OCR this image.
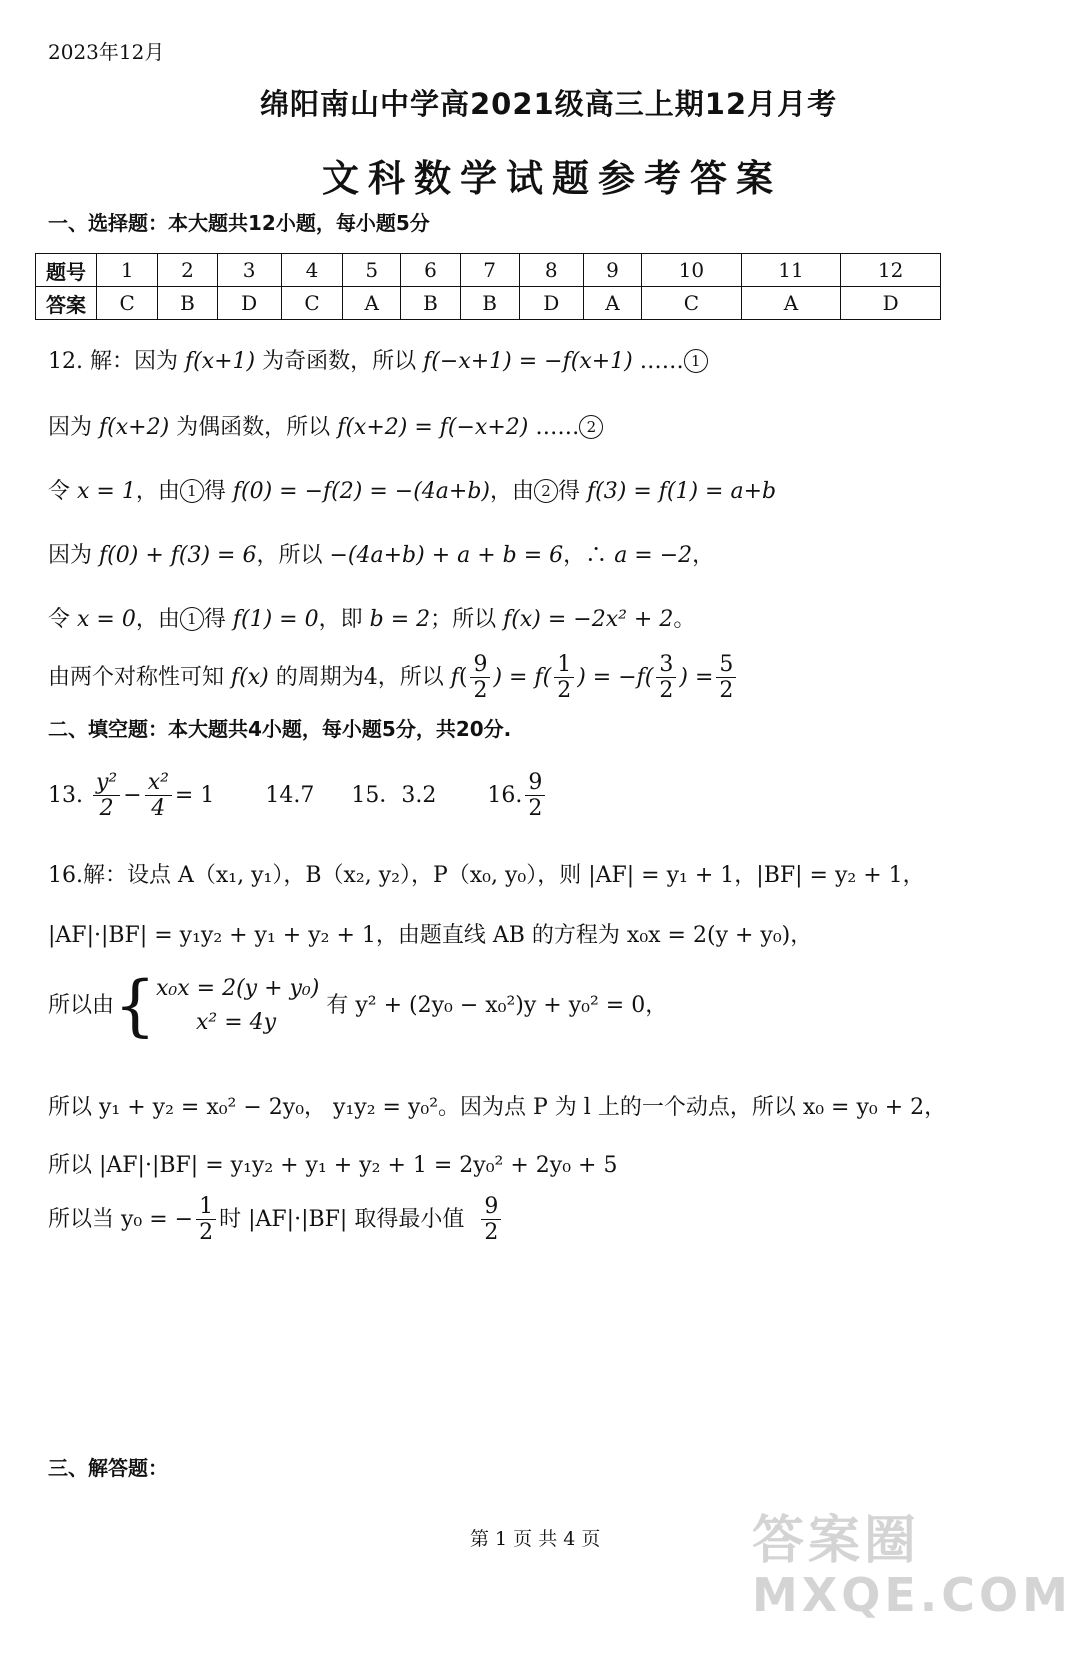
2023年12月
绵阳南山中学高2021级高三上期12月月考
文科数学试题参考答案
一、选择题：本大题共12小题，每小题5分
题号	1	2	3	4	5	6	7	8	9	10	11	12
答案	C	B	D	C	A	B	B	D	A	C	A	D
12. 解：因为 f(x+1) 为奇函数，所以 f(−x+1) = −f(x+1) …… 1
因为 f(x+2) 为偶函数，所以 f(x+2) = f(−x+2) …… 2
令 x = 1，由 1 得 f(0) = −f(2) = −(4a+b)，由 2 得 f(3) = f(1) = a+b
因为 f(0) + f(3) = 6，所以 −(4a+b) + a + b = 6，∴ a = −2，
令 x = 0，由 1 得 f(1) = 0，即 b = 2；所以 f(x) = −2x² + 2。
由两个对称性可知 f(x) 的周期为4，所以 $f( \frac{9}{2}$ ) = $f( \frac{1}{2}$ ) = $-f( \frac{3}{2}$ ) = $\frac{5}{2}$
二、填空题：本大题共4小题，每小题5分，共20分.
13. $\frac{\text{y²}}{2} - \frac{\text{x²}}{4} = 1$ 14.7 15．3.2 16. $\frac{9}{2}$
16.解：设点 A（x₁, y₁），B（x₂, y₂），P（x₀, y₀），则 |AF| = y₁ + 1，|BF| = y₂ + 1，
|AF|·|BF| = y₁y₂ + y₁ + y₂ + 1，由题直线 AB 的方程为 x₀x = 2(y + y₀)，
所以由{ x₀x = 2(y + y₀)
x² = 4y
有 y² + (2y₀ − x₀²)y + y₀² = 0，
所以 y₁ + y₂ = x₀² − 2y₀， y₁y₂ = y₀²。因为点 P 为 l 上的一个动点，所以 x₀ = y₀ + 2，
所以 |AF|·|BF| = y₁y₂ + y₁ + y₂ + 1 = 2y₀² + 2y₀ + 5
所以当 y₀ = − $\frac{1}{2}$ 时 |AF|·|BF| 取得最小值 $\frac{9}{2}$
三、解答题：
第 1 页 共 4 页	答案圈
MXQE.COM
